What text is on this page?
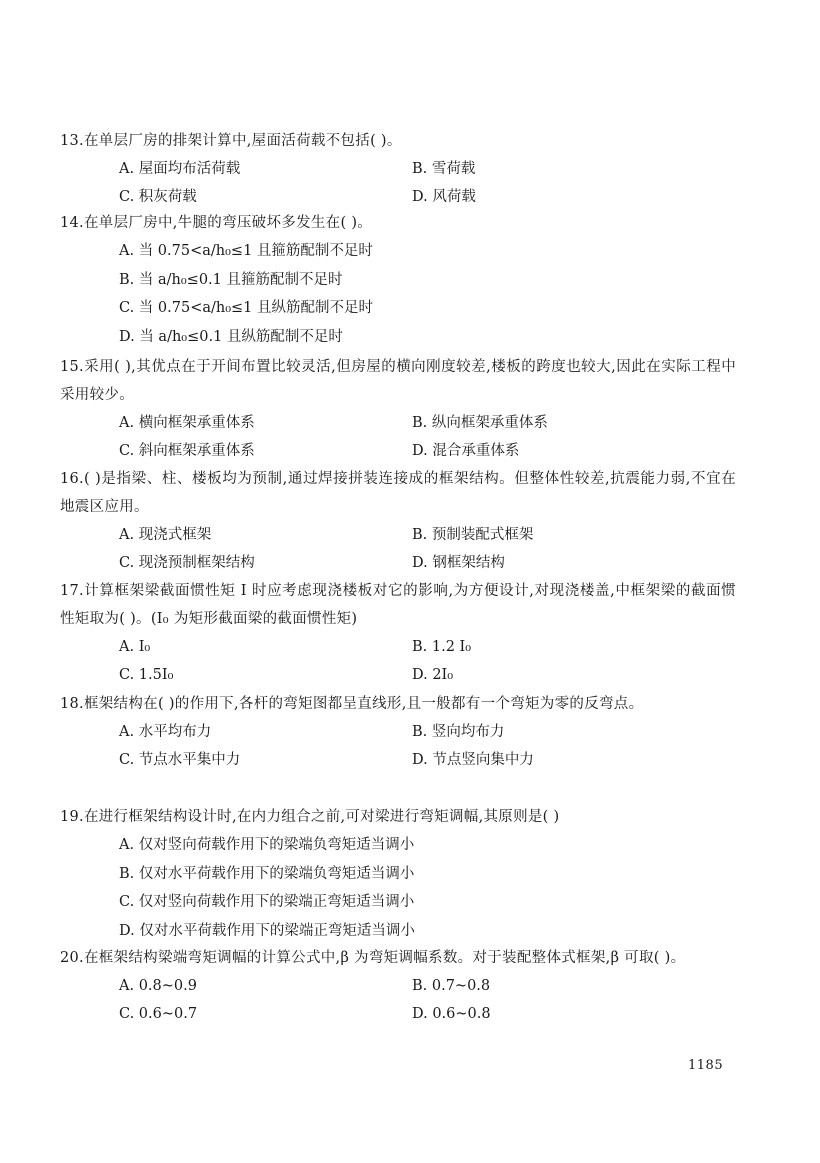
13.在单层厂房的排架计算中,屋面活荷载不包括( )。

A. 屋面均布活荷载	B. 雪荷载
C. 积灰荷载	D. 风荷载

14.在单层厂房中,牛腿的弯压破坏多发生在( )。

A. 当 0.75<a/h₀≤1 且箍筋配制不足时
B. 当 a/h₀≤0.1 且箍筋配制不足时
C. 当 0.75<a/h₀≤1 且纵筋配制不足时
D. 当 a/h₀≤0.1 且纵筋配制不足时

15.采用( ),其优点在于开间布置比较灵活,但房屋的横向刚度较差,楼板的跨度也较大,因此在实际工程中采用较少。

A. 横向框架承重体系	B. 纵向框架承重体系
C. 斜向框架承重体系	D. 混合承重体系

16.( )是指梁、柱、楼板均为预制,通过焊接拼装连接成的框架结构。但整体性较差,抗震能力弱,不宜在地震区应用。

A. 现浇式框架	B. 预制装配式框架
C. 现浇预制框架结构	D. 钢框架结构

17.计算框架梁截面惯性矩 I 时应考虑现浇楼板对它的影响,为方便设计,对现浇楼盖,中框架梁的截面惯性矩取为( )。(I₀ 为矩形截面梁的截面惯性矩)

A. I₀	B. 1.2 I₀
C. 1.5I₀	D. 2I₀

18.框架结构在( )的作用下,各杆的弯矩图都呈直线形,且一般都有一个弯矩为零的反弯点。

A. 水平均布力	B. 竖向均布力
C. 节点水平集中力	D. 节点竖向集中力

19.在进行框架结构设计时,在内力组合之前,可对梁进行弯矩调幅,其原则是( )

A. 仅对竖向荷载作用下的梁端负弯矩适当调小
B. 仅对水平荷载作用下的梁端负弯矩适当调小
C. 仅对竖向荷载作用下的梁端正弯矩适当调小
D. 仅对水平荷载作用下的梁端正弯矩适当调小

20.在框架结构梁端弯矩调幅的计算公式中,β 为弯矩调幅系数。对于装配整体式框架,β 可取( )。

A. 0.8~0.9	B. 0.7~0.8
C. 0.6~0.7	D. 0.6~0.8
1185
